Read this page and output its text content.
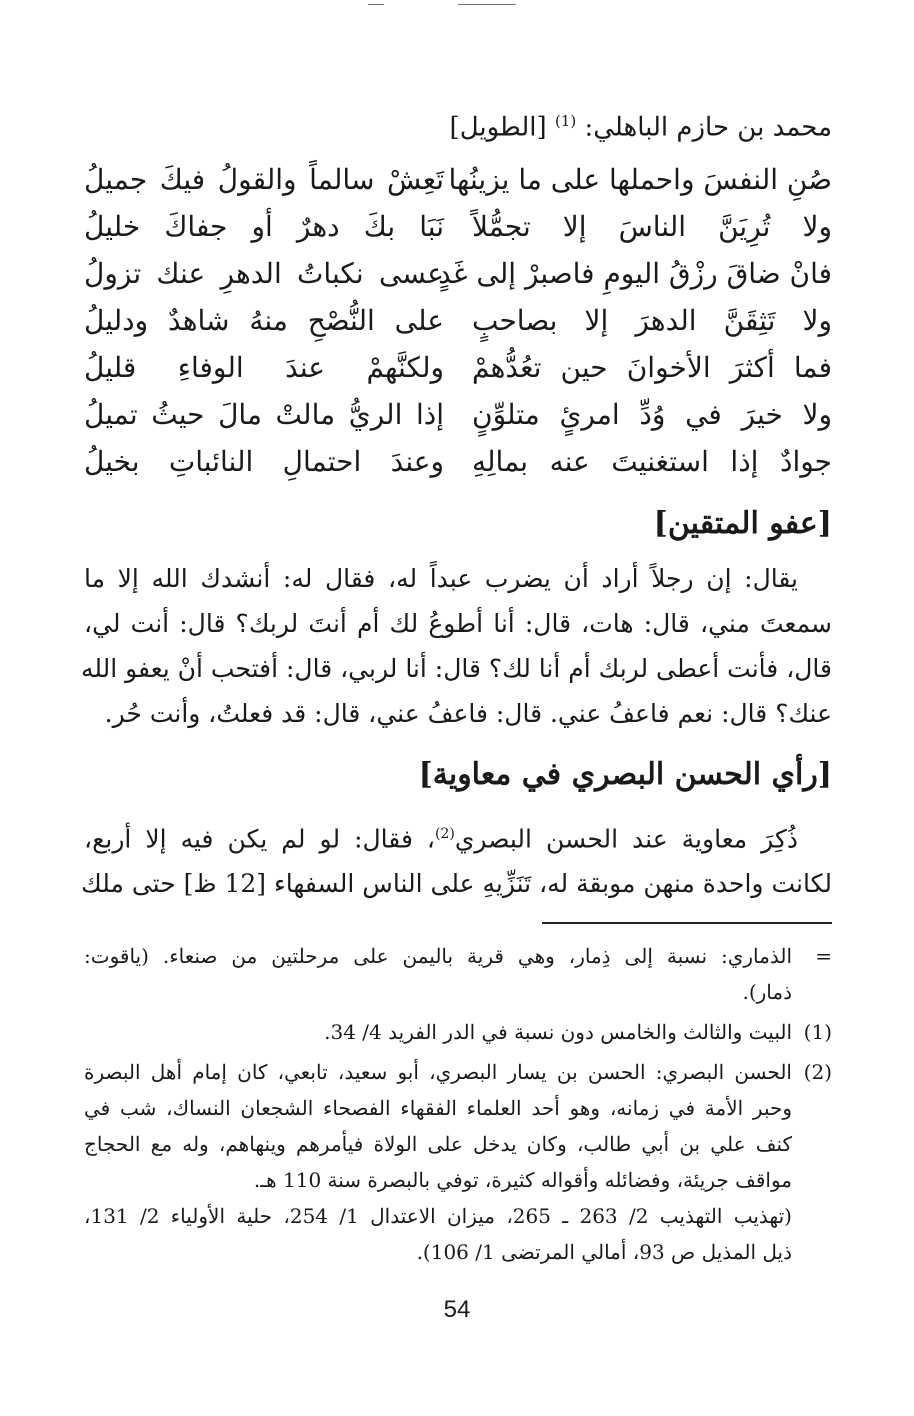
محمد بن حازم الباهلي: $^{(1)}$ [الطويل]
صُنِ النفسَ واحملها على ما يزينُها
تَعِشْ سالماً والقولُ فيكَ جميلُ
ولا تُرِيَنَّ الناسَ إلا تجمُّلاً
نَبَا بكَ دهرٌ أو جفاكَ خليلُ
فانْ ضاقَ رزْقُ اليومِ فاصبرْ إلى غَدٍ
عسى نكباتُ الدهرِ عنك تزولُ
ولا تَثِقَنَّ الدهرَ إلا بصاحبٍ
على النُّصْحِ منهُ شاهدٌ ودليلُ
فما أكثرَ الأخوانَ حين تعُدُّهمْ
ولكنَّهمْ عندَ الوفاءِ قليلُ
ولا خيرَ في وُدِّ امرئٍ متلوِّنٍ
إذا الريُّ مالتْ مالَ حيثُ تميلُ
جوادٌ إذا استغنيتَ عنه بمالِهِ
وعندَ احتمالِ النائباتِ بخيلُ
[عفو المتقين]
يقال: إن رجلاً أراد أن يضرب عبداً له، فقال له: أنشدك الله إلا ما
سمعتَ مني، قال: هات، قال: أنا أطوعُ لك أم أنتَ لربك؟ قال: أنت لي،
قال، فأنت أعطى لربك أم أنا لك؟ قال: أنا لربي، قال: أفتحب أنْ يعفو الله
عنك؟ قال: نعم فاعفُ عني. قال: فاعفُ عني، قال: قد فعلتُ، وأنت حُر.
[رأي الحسن البصري في معاوية]
ذُكِرَ معاوية عند الحسن البصري$^{(2)}$، فقال: لو لم يكن فيه إلا أربع،
لكانت واحدة منهن موبقة له، تَنَزِّيهِ على الناس السفهاء [12 ظ] حتى ملك
=
الذماري: نسبة إلى ذِمار، وهي قرية باليمن على مرحلتين من صنعاء. (ياقوت:
ذمار).
(1)
البيت والثالث والخامس دون نسبة في الدر الفريد 4/ 34.
(2)
الحسن البصري: الحسن بن يسار البصري، أبو سعيد، تابعي، كان إمام أهل البصرة
وحبر الأمة في زمانه، وهو أحد العلماء الفقهاء الفصحاء الشجعان النساك، شب في
كنف علي بن أبي طالب، وكان يدخل على الولاة فيأمرهم وينهاهم، وله مع الحجاج
مواقف جريئة، وفضائله وأقواله كثيرة، توفي بالبصرة سنة 110 هـ.
(تهذيب التهذيب 2/ 263 ـ 265، ميزان الاعتدال 1/ 254، حلية الأولياء 2/ 131،
ذيل المذيل ص 93، أمالي المرتضى 1/ 106).
54
